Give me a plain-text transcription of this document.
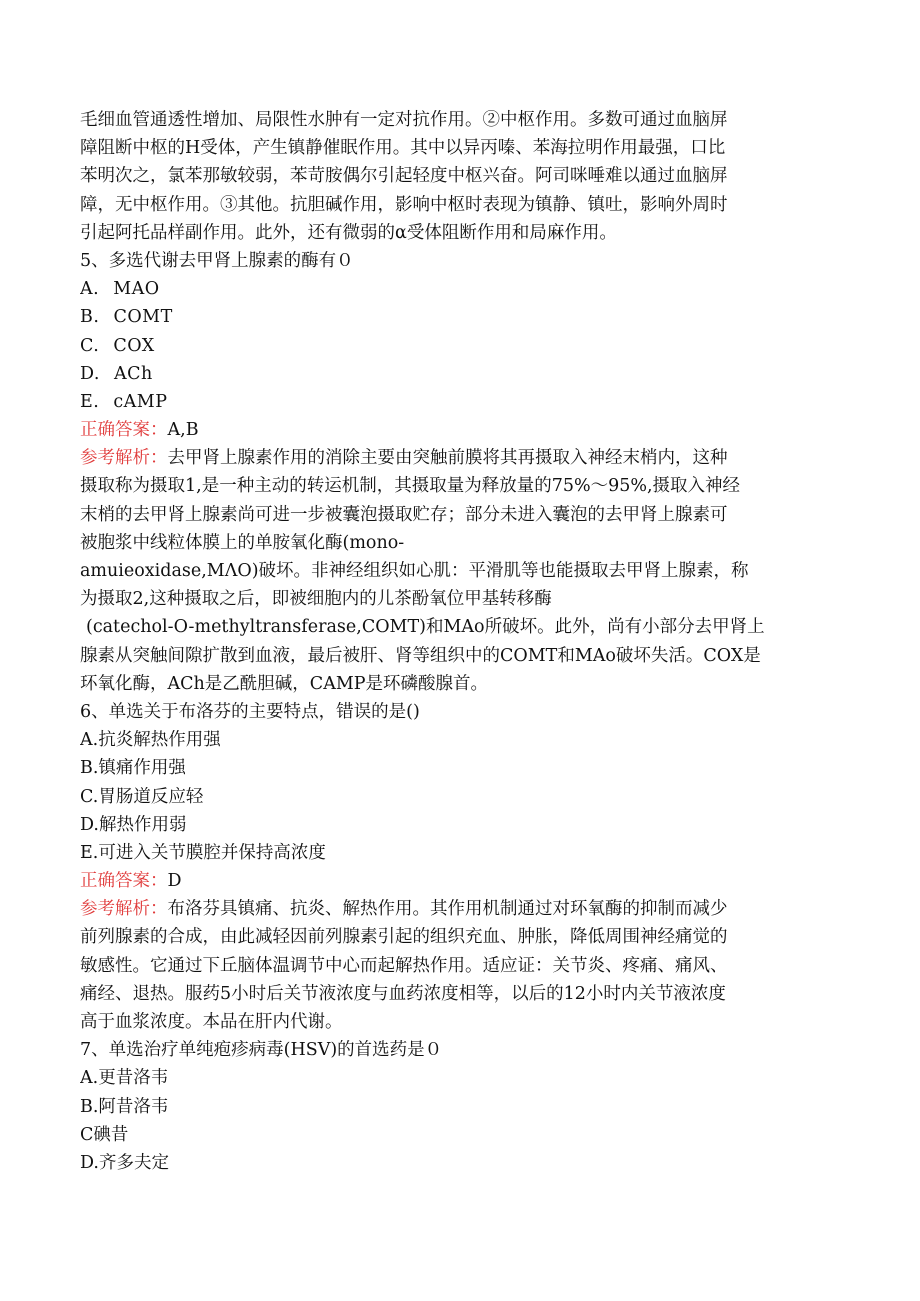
毛细血管通透性增加、局限性水肿有一定对抗作用。②中枢作用。多数可通过血脑屏
障阻断中枢的H受体，产生镇静催眠作用。其中以异丙嗪、苯海拉明作用最强，口比
苯明次之，氯苯那敏较弱，苯苛胺偶尔引起轻度中枢兴奋。阿司咪唾难以通过血脑屏
障，无中枢作用。③其他。抗胆碱作用，影响中枢时表现为镇静、镇吐，影响外周时
引起阿托品样副作用。此外，还有微弱的α受体阻断作用和局麻作用。
5、多选代谢去甲肾上腺素的酶有０
A. MAO
B. COMT
C. COX
D. ACh
E. cAMP
正确答案：A,B
参考解析：去甲肾上腺素作用的消除主要由突触前膜将其再摄取入神经末梢内，这种
摄取称为摄取1,是一种主动的转运机制，其摄取量为释放量的75%～95%,摄取入神经
末梢的去甲肾上腺素尚可进一步被囊泡摄取贮存；部分未进入囊泡的去甲肾上腺素可
被胞浆中线粒体膜上的单胺氧化酶(mono-
amuieoxidase,MΛO)破坏。非神经组织如心肌：平滑肌等也能摄取去甲肾上腺素，称
为摄取2,这种摄取之后，即被细胞内的儿茶酚氧位甲基转移酶
(catechol-O-methyltransferase,COMT)和MAo所破坏。此外，尚有小部分去甲肾上
腺素从突触间隙扩散到血液，最后被肝、肾等组织中的COMT和MAo破坏失活。COX是
环氧化酶，ACh是乙酰胆碱，CAMP是环磷酸腺首。
6、单选关于布洛芬的主要特点，错误的是()
A.抗炎解热作用强
B.镇痛作用强
C.胃肠道反应轻
D.解热作用弱
E.可进入关节膜腔并保持高浓度
正确答案：D
参考解析：布洛芬具镇痛、抗炎、解热作用。其作用机制通过对环氧酶的抑制而减少
前列腺素的合成，由此减轻因前列腺素引起的组织充血、肿胀，降低周围神经痛觉的
敏感性。它通过下丘脑体温调节中心而起解热作用。适应证：关节炎、疼痛、痛风、
痛经、退热。服药5小时后关节液浓度与血药浓度相等，以后的12小时内关节液浓度
高于血浆浓度。本品在肝内代谢。
7、单选治疗单纯疱疹病毒(HSV)的首选药是０
A.更昔洛韦
B.阿昔洛韦
C碘昔
D.齐多夫定
